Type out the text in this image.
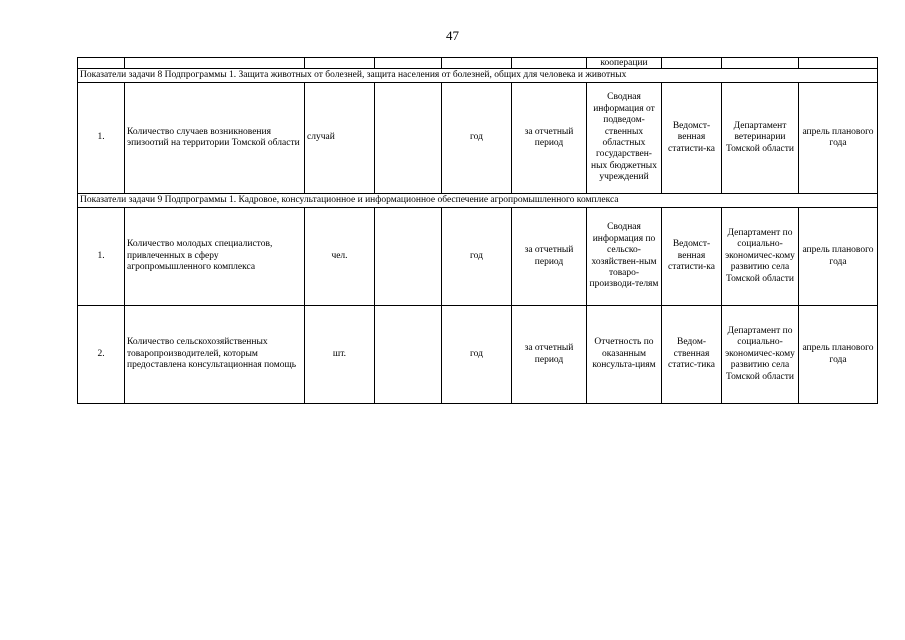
47
						кооперации			
Показатели задачи 8 Подпрограммы 1. Защита животных от болезней, защита населения от болезней, общих для человека и животных									
1.	Количество случаев возникновения эпизоотий на территории Томской области	случай		год	за отчетный период	Сводная информация от подведом-ственных областных государствен-ных бюджетных учреждений	Ведомст-венная статисти-ка	Департамент ветеринарии Томской области	апрель планового года
Показатели задачи 9 Подпрограммы 1. Кадровое, консультационное и информационное обеспечение агропромышленного комплекса									
1.	Количество молодых специалистов, привлеченных в сферу агропромышленного комплекса	чел.		год	за отчетный период	Сводная информация по сельско-хозяйствен-ным товаро-производи-телям	Ведомст-венная статисти-ка	Департамент по социально-экономичес-кому развитию села Томской области	апрель планового года
2.	Количество сельскохозяйственных товаропроизводителей, которым предоставлена консультационная помощь	шт.		год	за отчетный период	Отчетность по оказанным консульта-циям	Ведом-ственная статис-тика	Департамент по социально-экономичес-кому развитию села Томской области	апрель планового года
